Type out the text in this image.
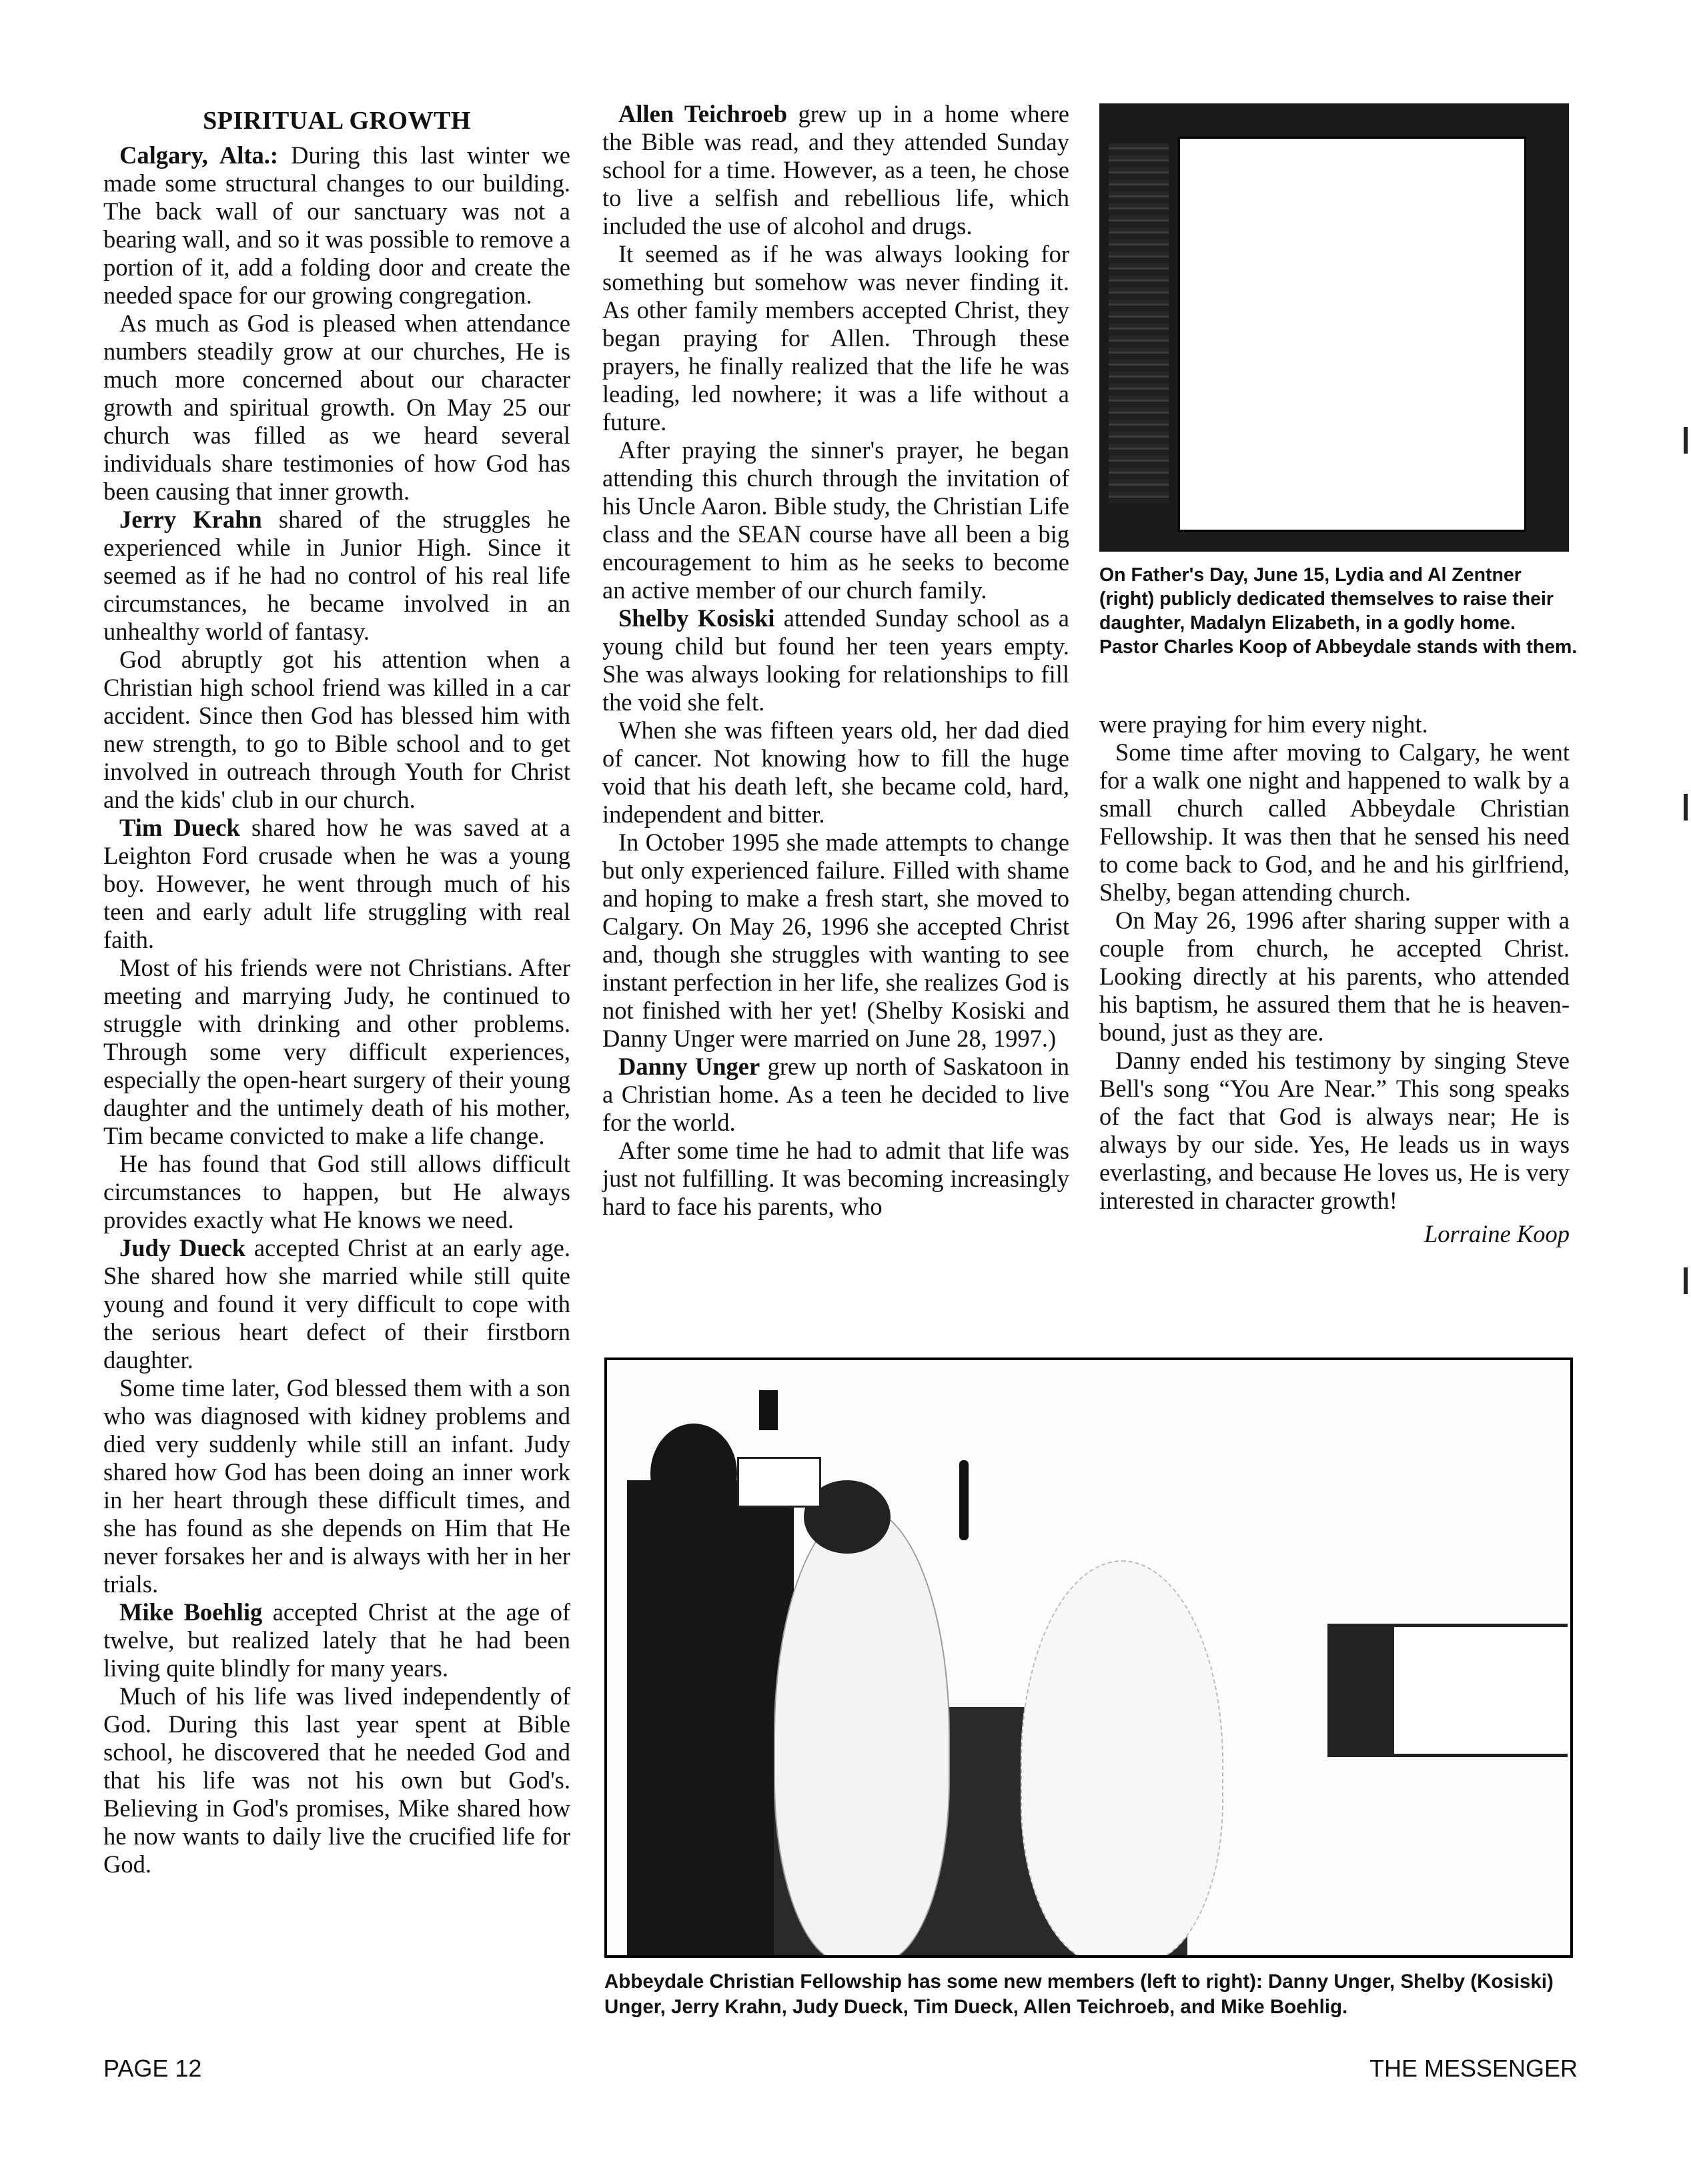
SPIRITUAL GROWTH

Calgary, Alta.: During this last winter we made some structural changes to our building. The back wall of our sanctuary was not a bearing wall, and so it was possible to remove a portion of it, add a folding door and create the needed space for our growing congregation.

As much as God is pleased when attendance numbers steadily grow at our churches, He is much more concerned about our character growth and spiritual growth. On May 25 our church was filled as we heard several individuals share testimonies of how God has been causing that inner growth.

Jerry Krahn shared of the struggles he experienced while in Junior High. Since it seemed as if he had no control of his real life circumstances, he became involved in an unhealthy world of fantasy.

God abruptly got his attention when a Christian high school friend was killed in a car accident. Since then God has blessed him with new strength, to go to Bible school and to get involved in outreach through Youth for Christ and the kids' club in our church.

Tim Dueck shared how he was saved at a Leighton Ford crusade when he was a young boy. However, he went through much of his teen and early adult life struggling with real faith.

Most of his friends were not Christians. After meeting and marrying Judy, he continued to struggle with drinking and other problems. Through some very difficult experiences, especially the open-heart surgery of their young daughter and the untimely death of his mother, Tim became convicted to make a life change.

He has found that God still allows difficult circumstances to happen, but He always provides exactly what He knows we need.

Judy Dueck accepted Christ at an early age. She shared how she married while still quite young and found it very difficult to cope with the serious heart defect of their firstborn daughter.

Some time later, God blessed them with a son who was diagnosed with kidney problems and died very suddenly while still an infant. Judy shared how God has been doing an inner work in her heart through these difficult times, and she has found as she depends on Him that He never forsakes her and is always with her in her trials.

Mike Boehlig accepted Christ at the age of twelve, but realized lately that he had been living quite blindly for many years.

Much of his life was lived independently of God. During this last year spent at Bible school, he discovered that he needed God and that his life was not his own but God's. Believing in God's promises, Mike shared how he now wants to daily live the crucified life for God.

Allen Teichroeb grew up in a home where the Bible was read, and they attended Sunday school for a time. However, as a teen, he chose to live a selfish and rebellious life, which included the use of alcohol and drugs.

It seemed as if he was always looking for something but somehow was never finding it. As other family members accepted Christ, they began praying for Allen. Through these prayers, he finally realized that the life he was leading, led nowhere; it was a life without a future.

After praying the sinner's prayer, he began attending this church through the invitation of his Uncle Aaron. Bible study, the Christian Life class and the SEAN course have all been a big encouragement to him as he seeks to become an active member of our church family.

Shelby Kosiski attended Sunday school as a young child but found her teen years empty. She was always looking for relationships to fill the void she felt.

When she was fifteen years old, her dad died of cancer. Not knowing how to fill the huge void that his death left, she became cold, hard, independent and bitter.

In October 1995 she made attempts to change but only experienced failure. Filled with shame and hoping to make a fresh start, she moved to Calgary. On May 26, 1996 she accepted Christ and, though she struggles with wanting to see instant perfection in her life, she realizes God is not finished with her yet! (Shelby Kosiski and Danny Unger were married on June 28, 1997.)

Danny Unger grew up north of Saskatoon in a Christian home. As a teen he decided to live for the world.

After some time he had to admit that life was just not fulfilling. It was becoming increasingly hard to face his parents, who

On Father's Day, June 15, Lydia and Al Zentner (right) publicly dedicated themselves to raise their daughter, Madalyn Elizabeth, in a godly home. Pastor Charles Koop of Abbeydale stands with them.

were praying for him every night.

Some time after moving to Calgary, he went for a walk one night and happened to walk by a small church called Abbeydale Christian Fellowship. It was then that he sensed his need to come back to God, and he and his girlfriend, Shelby, began attending church.

On May 26, 1996 after sharing supper with a couple from church, he accepted Christ. Looking directly at his parents, who attended his baptism, he assured them that he is heaven-bound, just as they are.

Danny ended his testimony by singing Steve Bell's song “You Are Near.” This song speaks of the fact that God is always near; He is always by our side. Yes, He leads us in ways everlasting, and because He loves us, He is very interested in character growth!

Lorraine Koop
Abbeydale Christian Fellowship has some new members (left to right): Danny Unger, Shelby (Kosiski) Unger, Jerry Krahn, Judy Dueck, Tim Dueck, Allen Teichroeb, and Mike Boehlig.
PAGE 12	THE MESSENGER
